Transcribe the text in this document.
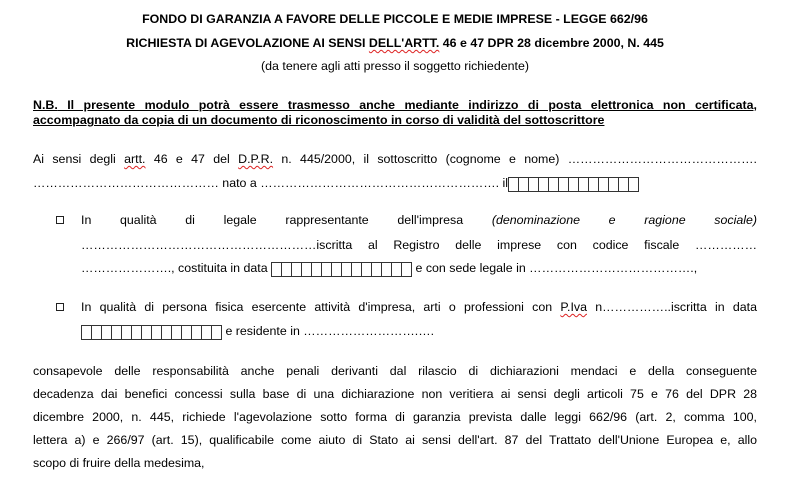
FONDO DI GARANZIA A FAVORE DELLE PICCOLE E MEDIE IMPRESE - LEGGE 662/96
RICHIESTA DI AGEVOLAZIONE AI SENSI DELL'ARTT. 46 e 47 DPR 28 dicembre 2000, N. 445
(da tenere agli atti presso il soggetto richiedente)
N.B. Il presente modulo potrà essere trasmesso anche mediante indirizzo di posta elettronica non certificata,
accompagnato da copia di un documento di riconoscimento in corso di validità del sottoscrittore
Ai sensi degli artt. 46 e 47 del D.P.R. n. 445/2000, il sottoscritto (cognome e nome) ……………………………………….
……………………………………… nato a …………………………………………………. il
In qualità di legale rappresentante dell'impresa (denominazione e ragione sociale)
…………………………………………………iscritta al Registro delle imprese con codice fiscale ……………
…………………., costituita in data	e con sede legale in ………………………………….,
In qualità di persona fisica esercente attività d'impresa, arti o professioni con P.Iva n……………..iscritta in data
e residente in ……………………….….
consapevole delle responsabilità anche penali derivanti dal rilascio di dichiarazioni mendaci e della conseguente
decadenza dai benefici concessi sulla base di una dichiarazione non veritiera ai sensi degli articoli 75 e 76 del DPR 28
dicembre 2000, n. 445, richiede l'agevolazione sotto forma di garanzia prevista dalle leggi 662/96 (art. 2, comma 100,
lettera a) e 266/97 (art. 15), qualificabile come aiuto di Stato ai sensi dell'art. 87 del Trattato dell'Unione Europea e, allo
scopo di fruire della medesima,
